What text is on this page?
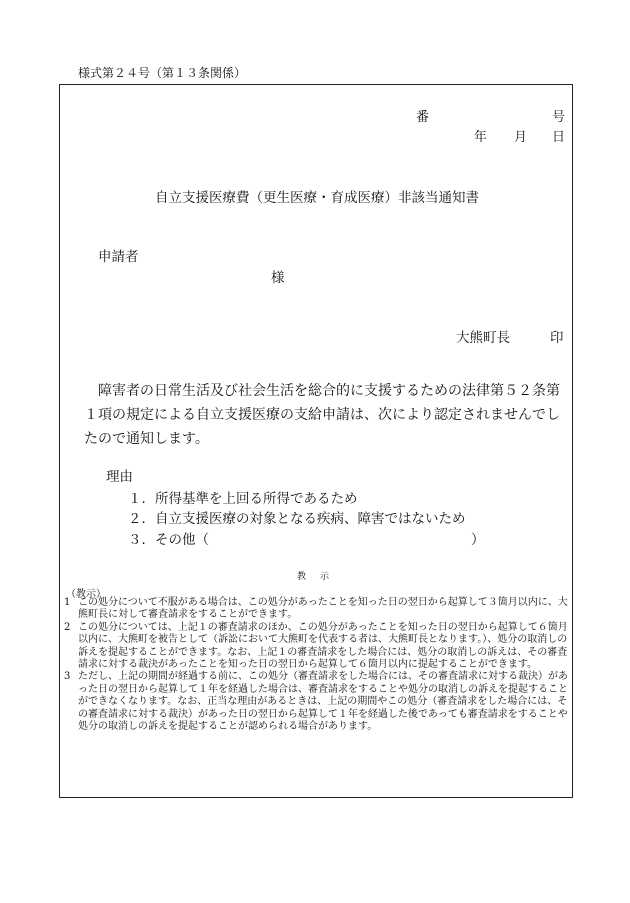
様式第２４号（第１３条関係）
番	号
年 月 日
自立支援医療費（更生医療・育成医療）非該当通知書
申請者
様
大熊町長	印
障害者の日常生活及び社会生活を総合的に支援するための法律第５２条第１項の規定による自立支援医療の支給申請は、次により認定されませんでしたので通知します。
理由
１．所得基準を上回る所得であるため
２．自立支援医療の対象となる疾病、障害ではないため
３．その他（	）
教示
（教示）
1 この処分について不服がある場合は、この処分があったことを知った日の翌日から起算して３箇月以内に、大熊町長に対して審査請求をすることができます。
2 この処分については、上記１の審査請求のほか、この処分があったことを知った日の翌日から起算して６箇月以内に、大熊町を被告として（訴訟において大熊町を代表する者は、大熊町長となります。）、処分の取消しの訴えを提起することができます。なお、上記１の審査請求をした場合には、処分の取消しの訴えは、その審査請求に対する裁決があったことを知った日の翌日から起算して６箇月以内に提起することができます。
3 ただし、上記の期間が経過する前に、この処分（審査請求をした場合には、その審査請求に対する裁決）があった日の翌日から起算して１年を経過した場合は、審査請求をすることや処分の取消しの訴えを提起することができなくなります。なお、正当な理由があるときは、上記の期間やこの処分（審査請求をした場合には、その審査請求に対する裁決）があった日の翌日から起算して１年を経過した後であっても審査請求をすることや処分の取消しの訴えを提起することが認められる場合があります。
